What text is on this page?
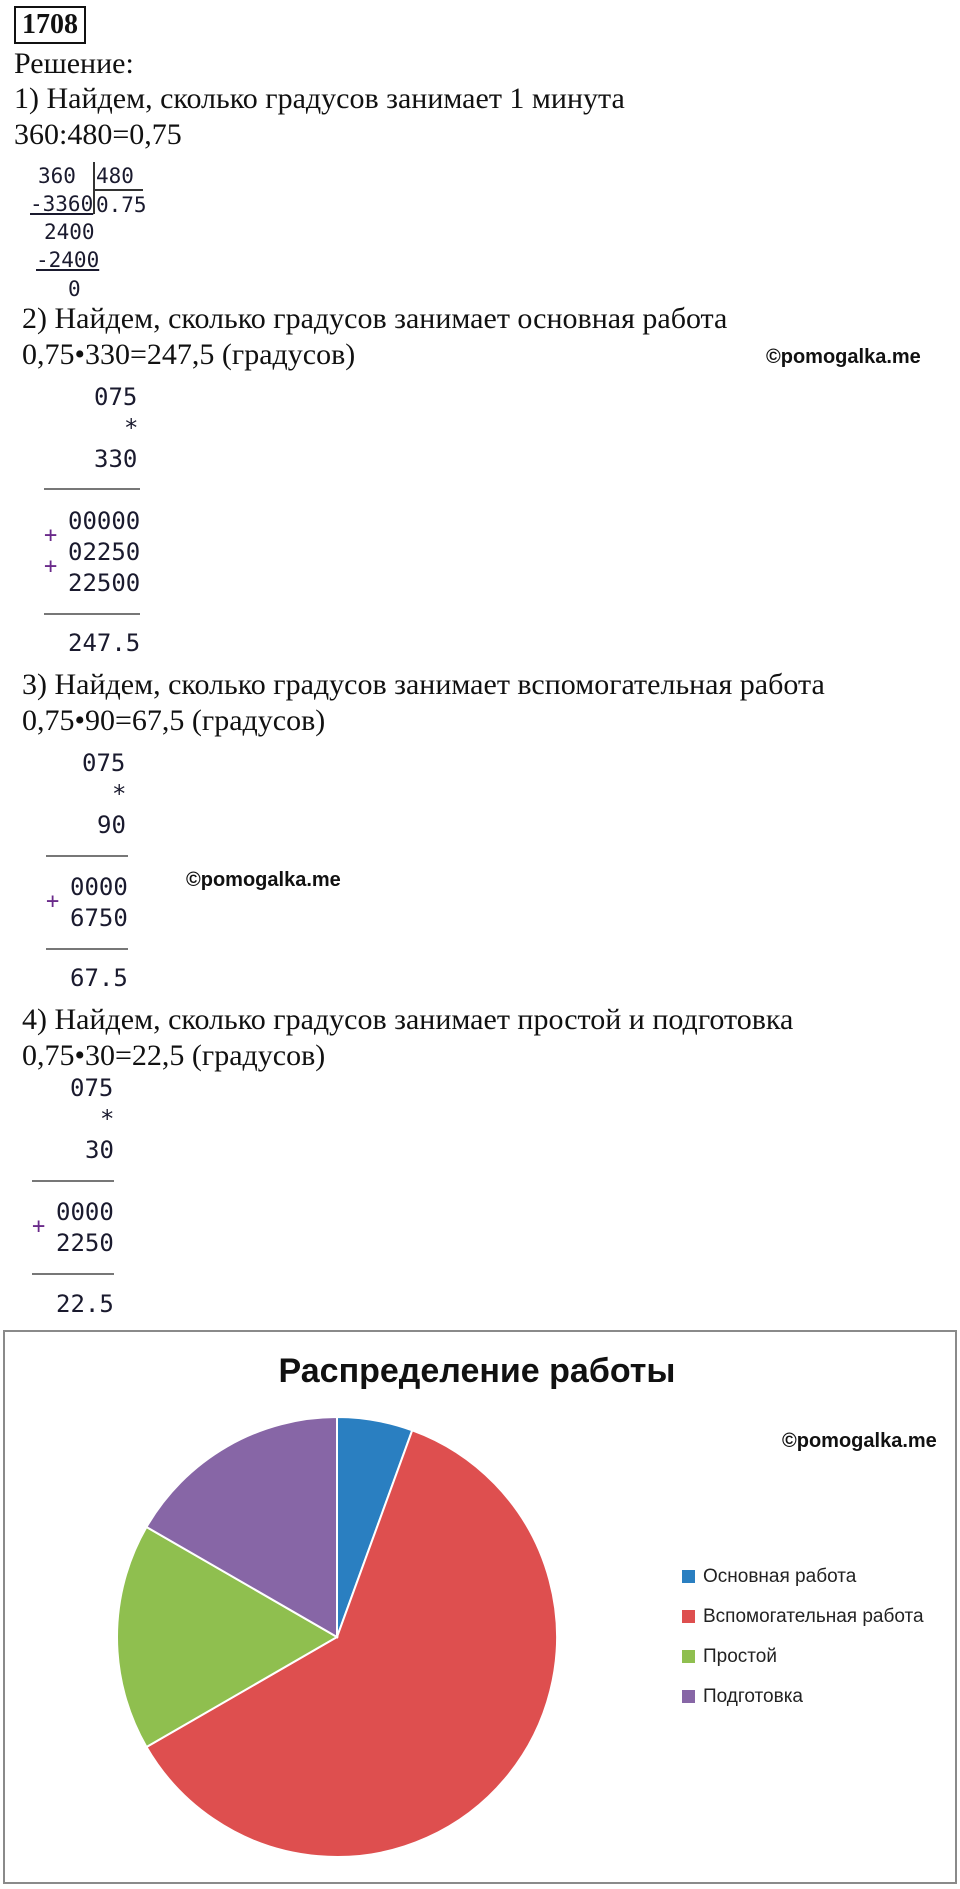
1708
Решение:
1) Найдем, сколько градусов занимает 1 минута
360:480=0,75
360 480
-3360 0.75
2400
-2400
0
2) Найдем, сколько градусов занимает основная работа
0,75•330=247,5 (градусов)	©pomogalka.me
075
*
330
00000
+
02250
+
22500
247.5
3) Найдем, сколько градусов занимает вспомогательная работа
0,75•90=67,5 (градусов)
©pomogalka.me
075
*
90
0000
+
6750
67.5
4) Найдем, сколько градусов занимает простой и подготовка
0,75•30=22,5 (градусов)
075
*
30
0000
+
2250
22.5
Распределение работы
©pomogalka.me
Основная работа
Вспомогательная работа
Простой
Подготовка
